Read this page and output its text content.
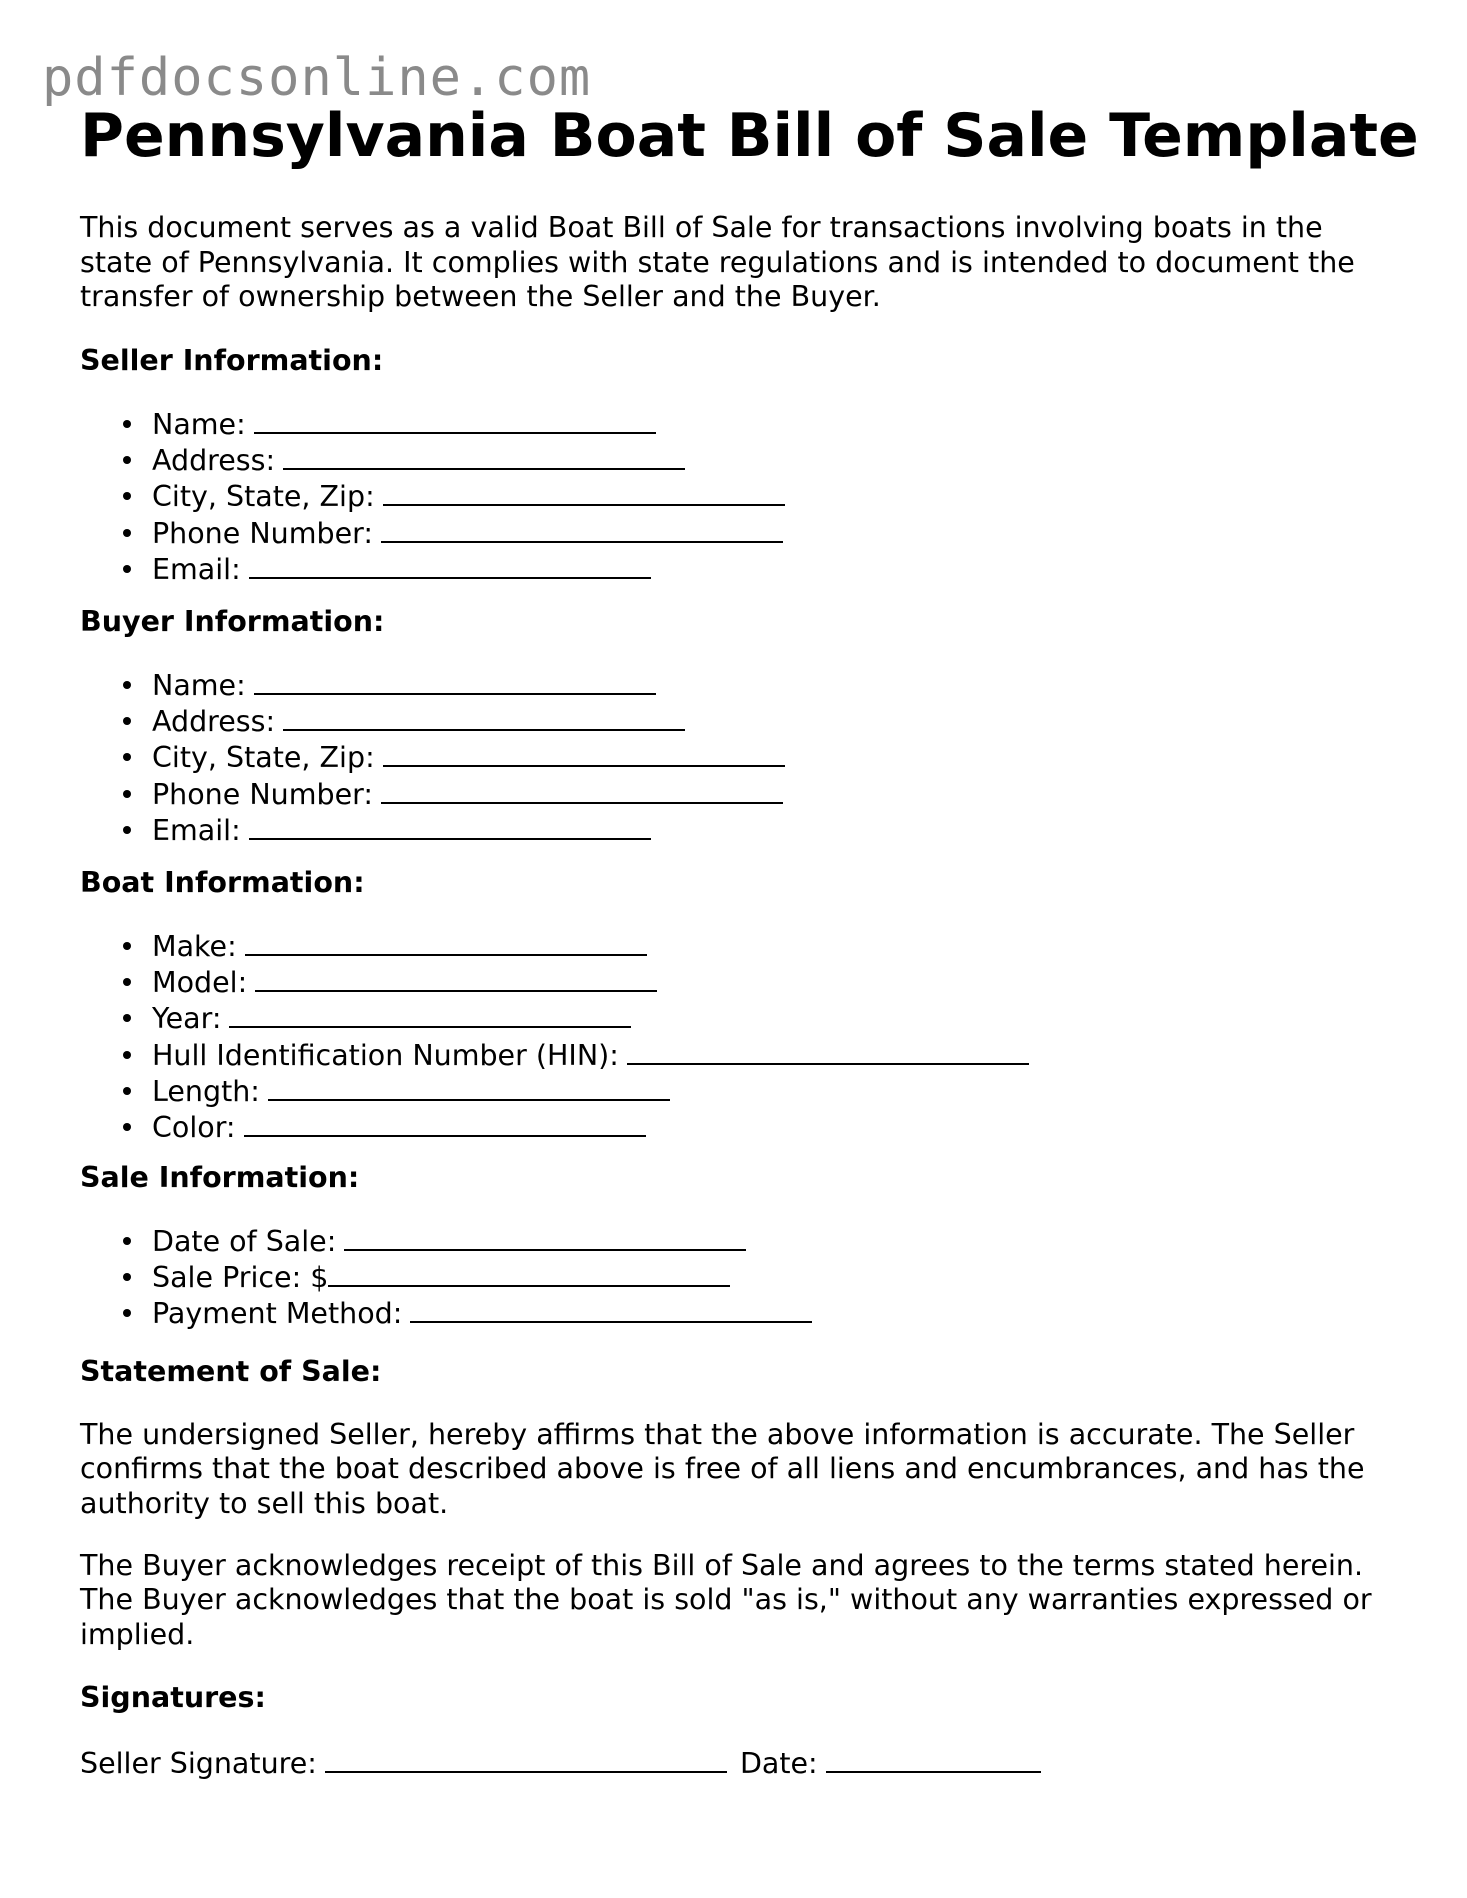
pdfdocsonline.com
Pennsylvania Boat Bill of Sale Template

This document serves as a valid Boat Bill of Sale for transactions involving boats in the state of Pennsylvania. It complies with state regulations and is intended to document the transfer of ownership between the Seller and the Buyer.

Seller Information:
Name:
Address:
City, State, Zip:
Phone Number:
Email:
Buyer Information:
Name:
Address:
City, State, Zip:
Phone Number:
Email:
Boat Information:
Make:
Model:
Year:
Hull Identification Number (HIN):
Length:
Color:
Sale Information:
Date of Sale:
Sale Price: $
Payment Method:
Statement of Sale:

The undersigned Seller, hereby affirms that the above information is accurate. The Seller confirms that the boat described above is free of all liens and encumbrances, and has the authority to sell this boat.

The Buyer acknowledges receipt of this Bill of Sale and agrees to the terms stated herein. The Buyer acknowledges that the boat is sold "as is," without any warranties expressed or implied.

Signatures:
Seller Signature:	Date:
